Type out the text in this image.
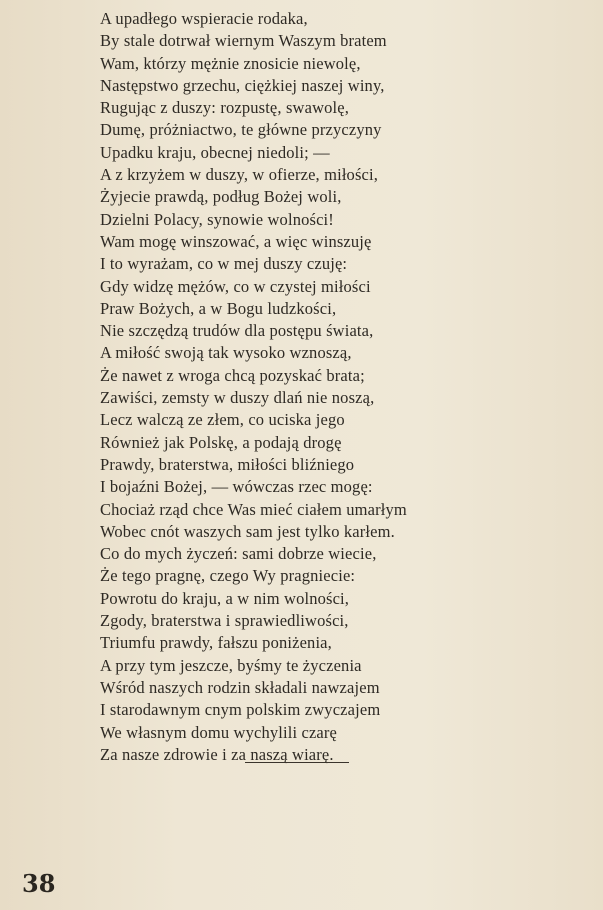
A upadłego wspieracie rodaka,
By stale dotrwał wiernym Waszym bratem
Wam, którzy mężnie znosicie niewolę,
Następstwo grzechu, ciężkiej naszej winy,
Rugując z duszy: rozpustę, swawolę,
Dumę, próżniactwo, te główne przyczyny
Upadku kraju, obecnej niedoli; —
A z krzyżem w duszy, w ofierze, miłości,
Żyjecie prawdą, podług Bożej woli,
Dzielni Polacy, synowie wolności!
Wam mogę winszować, a więc winszuję
I to wyrażam, co w mej duszy czuję:
Gdy widzę mężów, co w czystej miłości
Praw Bożych, a w Bogu ludzkości,
Nie szczędzą trudów dla postępu świata,
A miłość swoją tak wysoko wznoszą,
Że nawet z wroga chcą pozyskać brata;
Zawiści, zemsty w duszy dlań nie noszą,
Lecz walczą ze złem, co uciska jego
Również jak Polskę, a podają drogę
Prawdy, braterstwa, miłości bliźniego
I bojaźni Bożej, — wówczas rzec mogę:
Chociaż rząd chce Was mieć ciałem umarłym
Wobec cnót waszych sam jest tylko karłem.
Co do mych życzeń: sami dobrze wiecie,
Że tego pragnę, czego Wy pragniecie:
Powrotu do kraju, a w nim wolności,
Zgody, braterstwa i sprawiedliwości,
Triumfu prawdy, fałszu poniżenia,
A przy tym jeszcze, byśmy te życzenia
Wśród naszych rodzin składali nawzajem
I starodawnym cnym polskim zwyczajem
We własnym domu wychylili czarę
Za nasze zdrowie i za naszą wiarę.
38
